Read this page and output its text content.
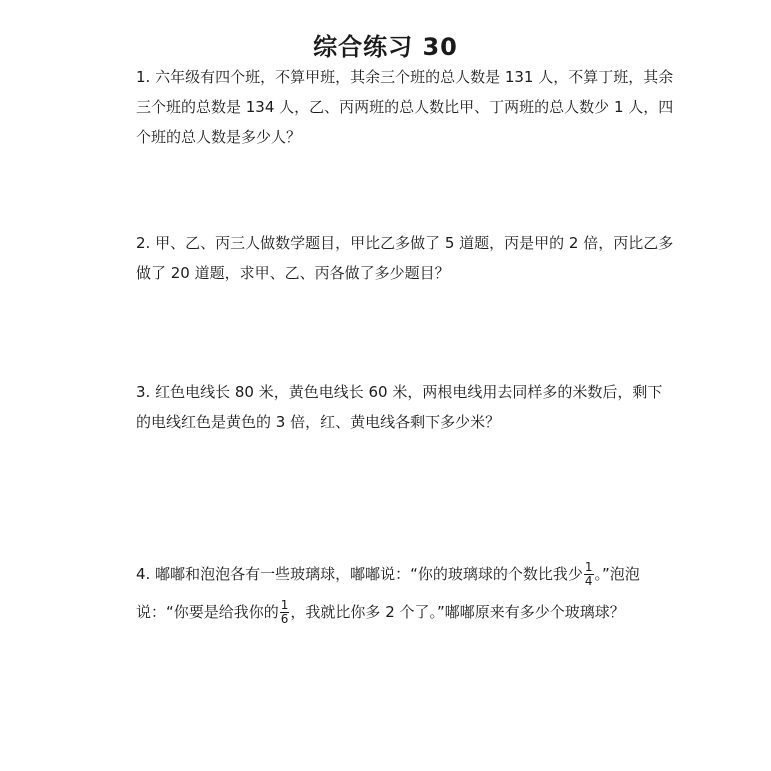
综合练习 30

1. 六年级有四个班，不算甲班，其余三个班的总人数是 131 人，不算丁班，其余三个班的总数是 134 人，乙、丙两班的总人数比甲、丁两班的总人数少 1 人，四个班的总人数是多少人？

2. 甲、乙、丙三人做数学题目，甲比乙多做了 5 道题，丙是甲的 2 倍，丙比乙多做了 20 道题，求甲、乙、丙各做了多少题目？

3. 红色电线长 80 米，黄色电线长 60 米，两根电线用去同样多的米数后，剩下的电线红色是黄色的 3 倍，红、黄电线各剩下多少米？

4. 嘟嘟和泡泡各有一些玻璃球，嘟嘟说：“你的玻璃球的个数比我少 $\frac{1}{4}$ 。”泡泡说：“你要是给我你的 $\frac{1}{6}$ ，我就比你多 2 个了。”嘟嘟原来有多少个玻璃球？
